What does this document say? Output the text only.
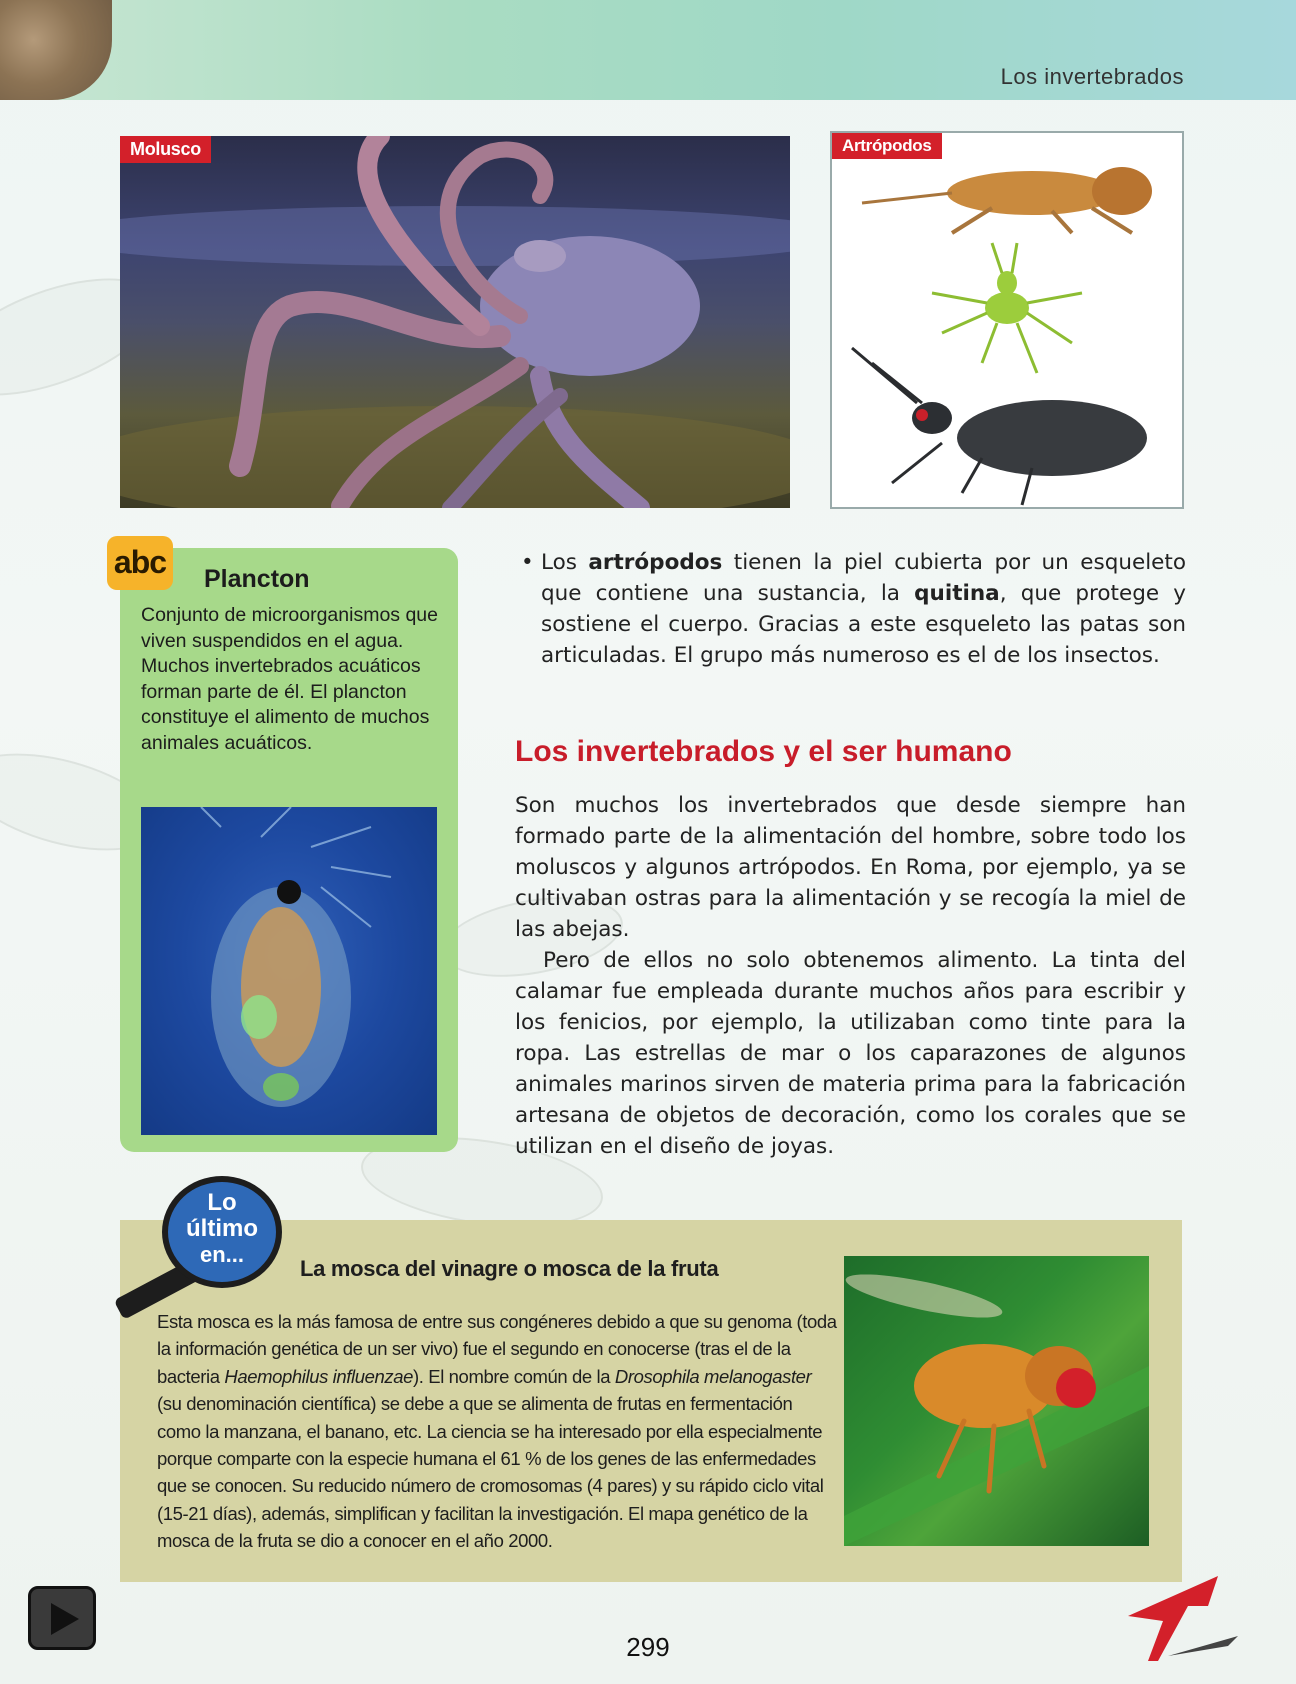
Los invertebrados
Molusco	Artrópodos
abc Plancton
Conjunto de microorganismos que viven suspendidos en el agua. Muchos invertebrados acuáticos forman parte de él. El plancton constituye el alimento de muchos animales acuáticos.
• Los artrópodos tienen la piel cubierta por un esqueleto que contiene una sustancia, la quitina, que protege y sostiene el cuerpo. Gracias a este esqueleto las patas son articuladas. El grupo más numeroso es el de los insectos.
Los invertebrados y el ser humano

Son muchos los invertebrados que desde siempre han formado parte de la alimentación del hombre, sobre todo los moluscos y algunos artrópodos. En Roma, por ejemplo, ya se cultivaban ostras para la alimentación y se recogía la miel de las abejas.

Pero de ellos no solo obtenemos alimento. La tinta del calamar fue empleada durante muchos años para escribir y los fenicios, por ejemplo, la utilizaban como tinte para la ropa. Las estrellas de mar o los caparazones de algunos animales marinos sirven de materia prima para la fabricación artesana de objetos de decoración, como los corales que se utilizan en el diseño de joyas.

Lo
último
en...
La mosca del vinagre o mosca de la fruta
Esta mosca es la más famosa de entre sus congéneres debido a que su genoma (toda la información genética de un ser vivo) fue el segundo en conocerse (tras el de la bacteria Haemophilus influenzae). El nombre común de la Drosophila melanogaster (su denominación científica) se debe a que se alimenta de frutas en fermentación como la manzana, el banano, etc. La ciencia se ha interesado por ella especialmente porque comparte con la especie humana el 61 % de los genes de las enfermedades que se conocen. Su reducido número de cromosomas (4 pares) y su rápido ciclo vital (15-21 días), además, simplifican y facilitan la investigación. El mapa genético de la mosca de la fruta se dio a conocer en el año 2000.
299
